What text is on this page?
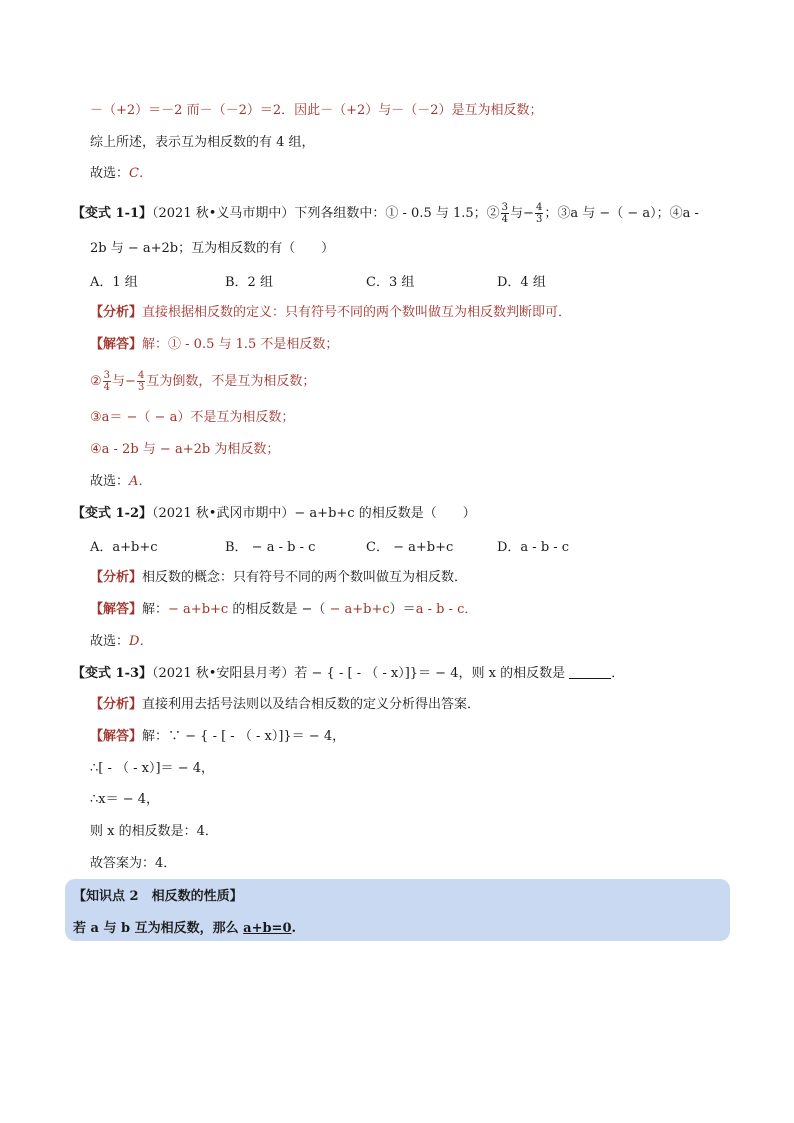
－（+2）＝－2 而－（－2）＝2．因此－（+2）与－（－2）是互为相反数；
综上所述，表示互为相反数的有 4 组，
故选：C．
【变式 1-1】（2021 秋•义马市期中）下列各组数中：① - 0.5 与 1.5；② $\frac{3}{4}$ 与− $\frac{4}{3}$ ；③a 与 −（ − a）；④a -
2b 与 − a+2b；互为相反数的有（　　）
A．1 组	B．2 组	C．3 组	D．4 组
【分析】直接根据相反数的定义：只有符号不同的两个数叫做互为相反数判断即可．
【解答】解：① - 0.5 与 1.5 不是相反数；
② $\frac{3}{4}$ 与− $\frac{4}{3}$ 互为倒数，不是互为相反数；
③a＝ −（ − a）不是互为相反数；
④a - 2b 与 − a+2b 为相反数；
故选：A．
【变式 1-2】（2021 秋•武冈市期中）− a+b+c 的相反数是（　　）
A．a+b+c	B． − a - b - c	C． − a+b+c	D．a - b - c
【分析】相反数的概念：只有符号不同的两个数叫做互为相反数．
【解答】解：− a+b+c 的相反数是 −（ − a+b+c）＝a - b - c．
故选：D．
【变式 1-3】（2021 秋•安阳县月考）若 − { - [ - （ - x）]}＝ − 4，则 x 的相反数是	．
【分析】直接利用去括号法则以及结合相反数的定义分析得出答案．
【解答】解：∵ − { - [ - （ - x）]}＝ − 4，
∴[ - （ - x）]＝ − 4，
∴x＝ − 4，
则 x 的相反数是：4．
故答案为：4．
【知识点 2　相反数的性质】
若 a 与 b 互为相反数，那么 a+b=0.
